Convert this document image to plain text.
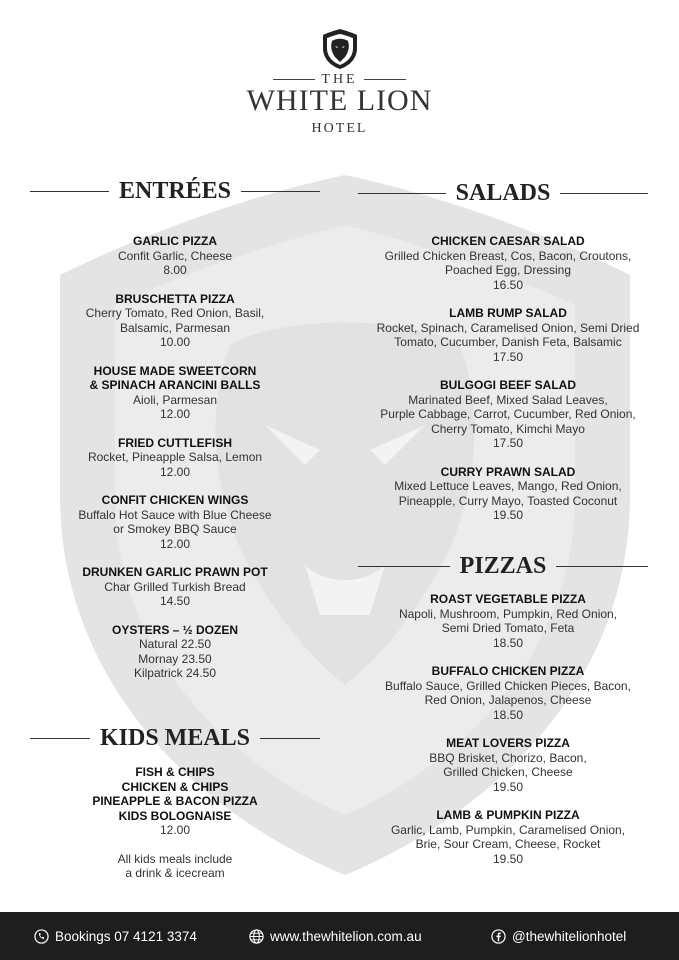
THE
WHITE LION
HOTEL
ENTRÉES	SALADS
PIZZAS
KIDS MEALS
GARLIC PIZZA
Confit Garlic, Cheese
8.00
BRUSCHETTA PIZZA
Cherry Tomato, Red Onion, Basil,
Balsamic, Parmesan
10.00
HOUSE MADE SWEETCORN
& SPINACH ARANCINI BALLS
Aioli, Parmesan
12.00
FRIED CUTTLEFISH
Rocket, Pineapple Salsa, Lemon
12.00
CONFIT CHICKEN WINGS
Buffalo Hot Sauce with Blue Cheese
or Smokey BBQ Sauce
12.00
DRUNKEN GARLIC PRAWN POT
Char Grilled Turkish Bread
14.50
OYSTERS – ½ DOZEN
Natural 22.50
Mornay 23.50
Kilpatrick 24.50
CHICKEN CAESAR SALAD
Grilled Chicken Breast, Cos, Bacon, Croutons,
Poached Egg, Dressing
16.50
LAMB RUMP SALAD
Rocket, Spinach, Caramelised Onion, Semi Dried
Tomato, Cucumber, Danish Feta, Balsamic
17.50
BULGOGI BEEF SALAD
Marinated Beef, Mixed Salad Leaves,
Purple Cabbage, Carrot, Cucumber, Red Onion,
Cherry Tomato, Kimchi Mayo
17.50
CURRY PRAWN SALAD
Mixed Lettuce Leaves, Mango, Red Onion,
Pineapple, Curry Mayo, Toasted Coconut
19.50
ROAST VEGETABLE PIZZA
Napoli, Mushroom, Pumpkin, Red Onion,
Semi Dried Tomato, Feta
18.50
BUFFALO CHICKEN PIZZA
Buffalo Sauce, Grilled Chicken Pieces, Bacon,
Red Onion, Jalapenos, Cheese
18.50
MEAT LOVERS PIZZA
BBQ Brisket, Chorizo, Bacon,
Grilled Chicken, Cheese
19.50
LAMB & PUMPKIN PIZZA
Garlic, Lamb, Pumpkin, Caramelised Onion,
Brie, Sour Cream, Cheese, Rocket
19.50
FISH & CHIPS
CHICKEN & CHIPS
PINEAPPLE & BACON PIZZA
KIDS BOLOGNAISE
12.00
All kids meals include
a drink & icecream
Bookings 07 4121 3374	www.thewhitelion.com.au	@thewhitelionhotel
